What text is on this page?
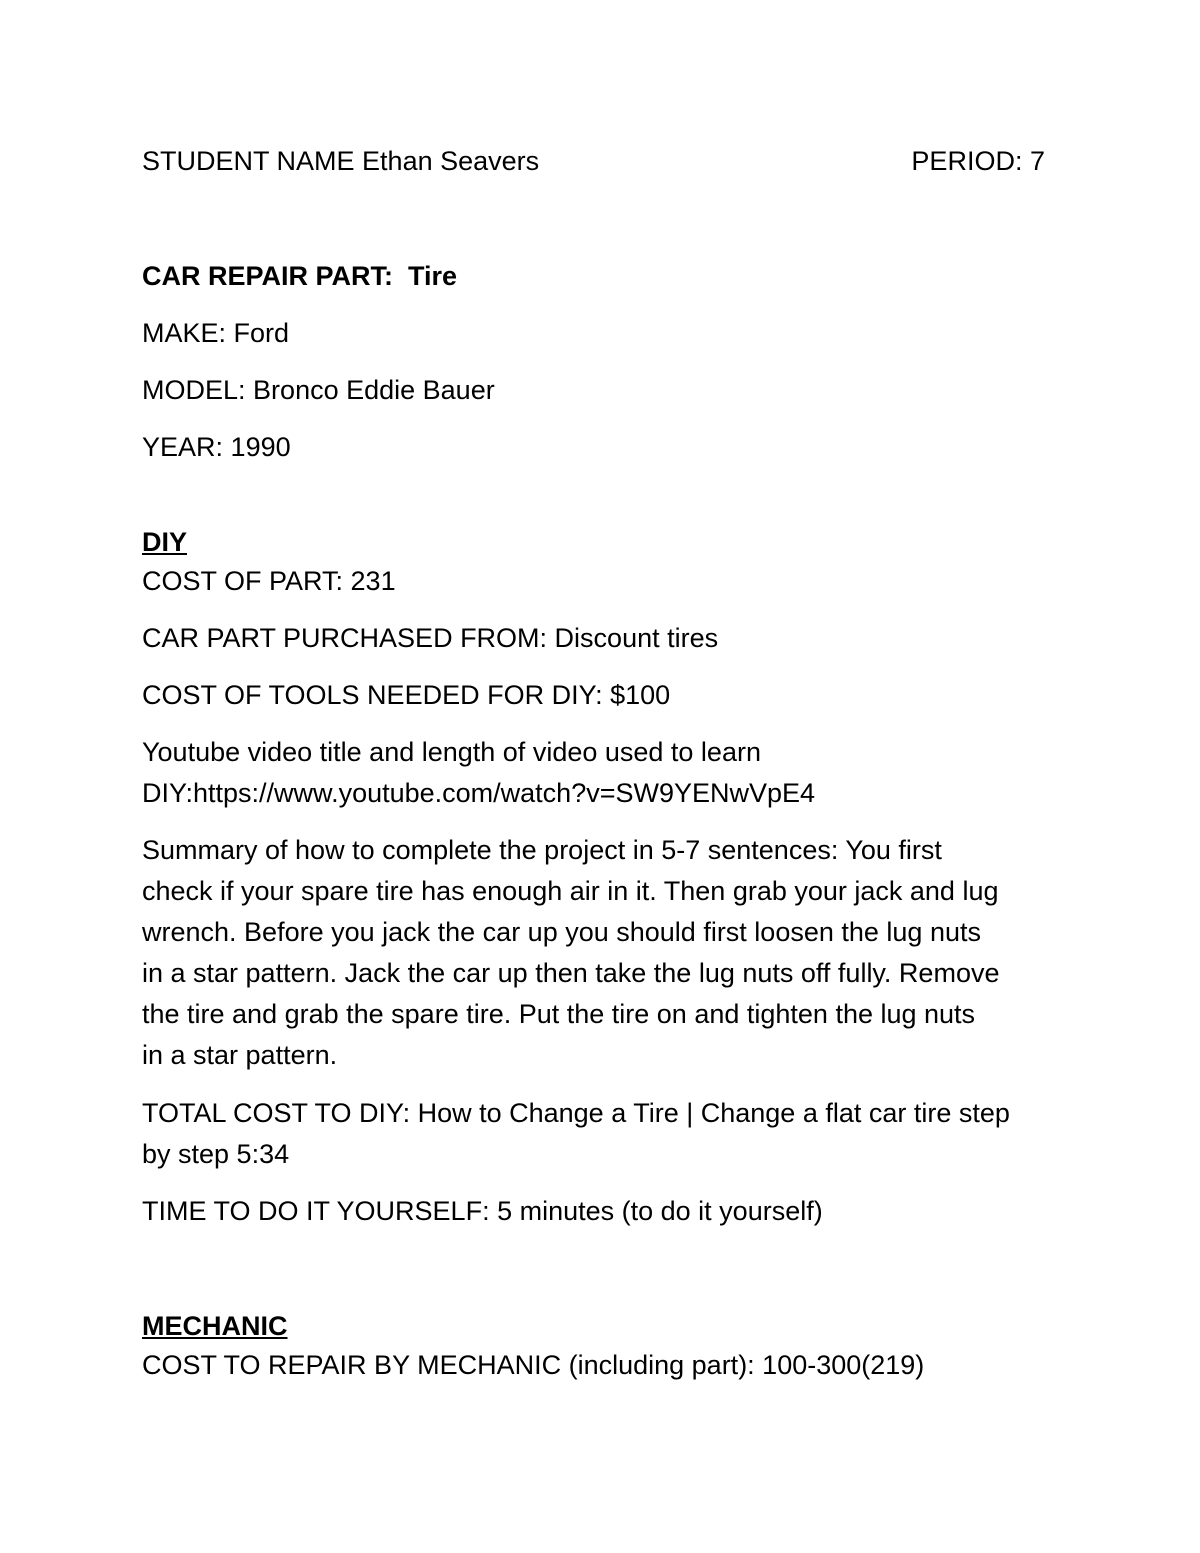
STUDENT NAME Ethan Seavers	PERIOD: 7
CAR REPAIR PART: Tire
MAKE: Ford
MODEL: Bronco Eddie Bauer
YEAR: 1990
DIY
COST OF PART: 231
CAR PART PURCHASED FROM: Discount tires
COST OF TOOLS NEEDED FOR DIY: $100
Youtube video title and length of video used to learn
DIY:https://www.youtube.com/watch?v=SW9YENwVpE4
Summary of how to complete the project in 5-7 sentences: You first
check if your spare tire has enough air in it. Then grab your jack and lug
wrench. Before you jack the car up you should first loosen the lug nuts
in a star pattern. Jack the car up then take the lug nuts off fully. Remove
the tire and grab the spare tire. Put the tire on and tighten the lug nuts
in a star pattern.
TOTAL COST TO DIY: How to Change a Tire | Change a flat car tire step
by step 5:34
TIME TO DO IT YOURSELF: 5 minutes (to do it yourself)
MECHANIC
COST TO REPAIR BY MECHANIC (including part): 100-300(219)
